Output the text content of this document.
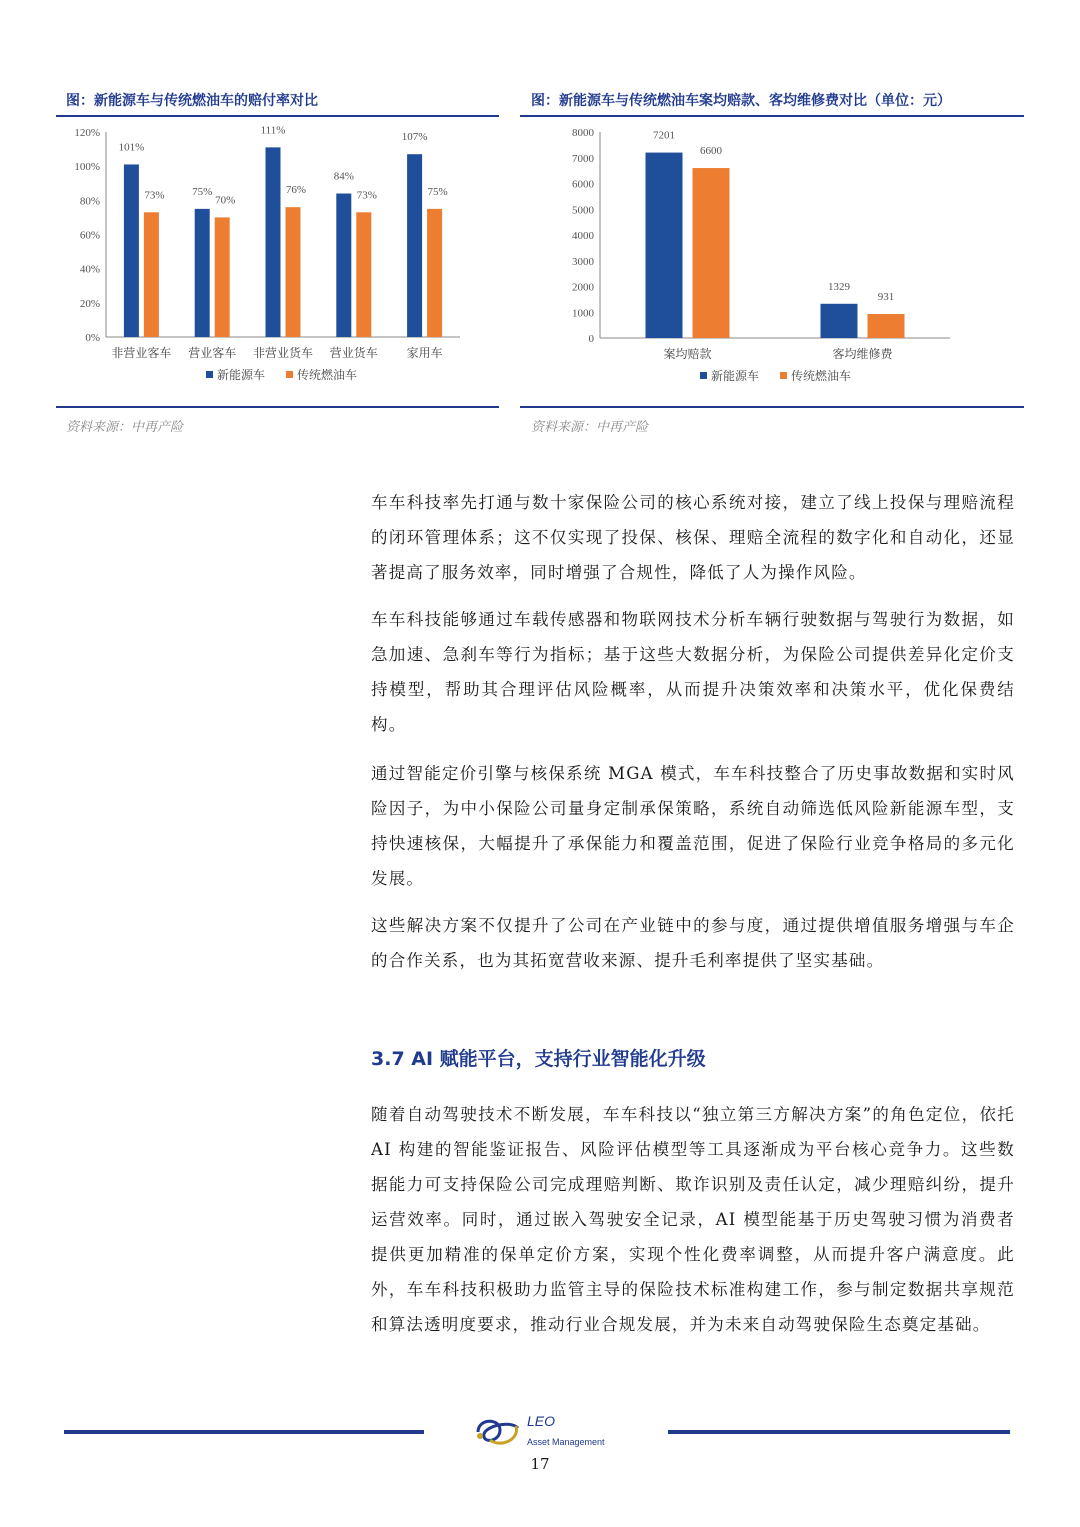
图：新能源车与传统燃油车的赔付率对比
0%
20%
40%
60%
80%
100%
120%
101%
73%
非营业客车
75%
70%
营业客车
111%
76%
非营业货车
84%
73%
营业货车
107%
75%
家用车
新能源车	传统燃油车
资料来源：中再产险
图：新能源车与传统燃油车案均赔款、客均维修费对比（单位：元）
0
1000
2000
3000
4000
5000
6000
7000
8000	7201
6600
案均赔款
1329
931
客均维修费
新能源车	传统燃油车
资料来源：中再产险

车车科技率先打通与数十家保险公司的核心系统对接，建立了线上投保与理赔流程的闭环管理体系；这不仅实现了投保、核保、理赔全流程的数字化和自动化，还显著提高了服务效率，同时增强了合规性，降低了人为操作风险。

车车科技能够通过车载传感器和物联网技术分析车辆行驶数据与驾驶行为数据，如急加速、急刹车等行为指标；基于这些大数据分析，为保险公司提供差异化定价支持模型，帮助其合理评估风险概率，从而提升决策效率和决策水平，优化保费结构。

通过智能定价引擎与核保系统 MGA 模式，车车科技整合了历史事故数据和实时风险因子，为中小保险公司量身定制承保策略，系统自动筛选低风险新能源车型，支持快速核保，大幅提升了承保能力和覆盖范围，促进了保险行业竞争格局的多元化发展。

这些解决方案不仅提升了公司在产业链中的参与度，通过提供增值服务增强与车企的合作关系，也为其拓宽营收来源、提升毛利率提供了坚实基础。

3.7 AI 赋能平台，支持行业智能化升级

随着自动驾驶技术不断发展，车车科技以“独立第三方解决方案”的角色定位，依托 AI 构建的智能鉴证报告、风险评估模型等工具逐渐成为平台核心竞争力。这些数据能力可支持保险公司完成理赔判断、欺诈识别及责任认定，减少理赔纠纷，提升运营效率。同时，通过嵌入驾驶安全记录，AI 模型能基于历史驾驶习惯为消费者提供更加精准的保单定价方案，实现个性化费率调整，从而提升客户满意度。此外，车车科技积极助力监管主导的保险技术标准构建工作，参与制定数据共享规范和算法透明度要求，推动行业合规发展，并为未来自动驾驶保险生态奠定基础。

LEO
Asset Management
17
